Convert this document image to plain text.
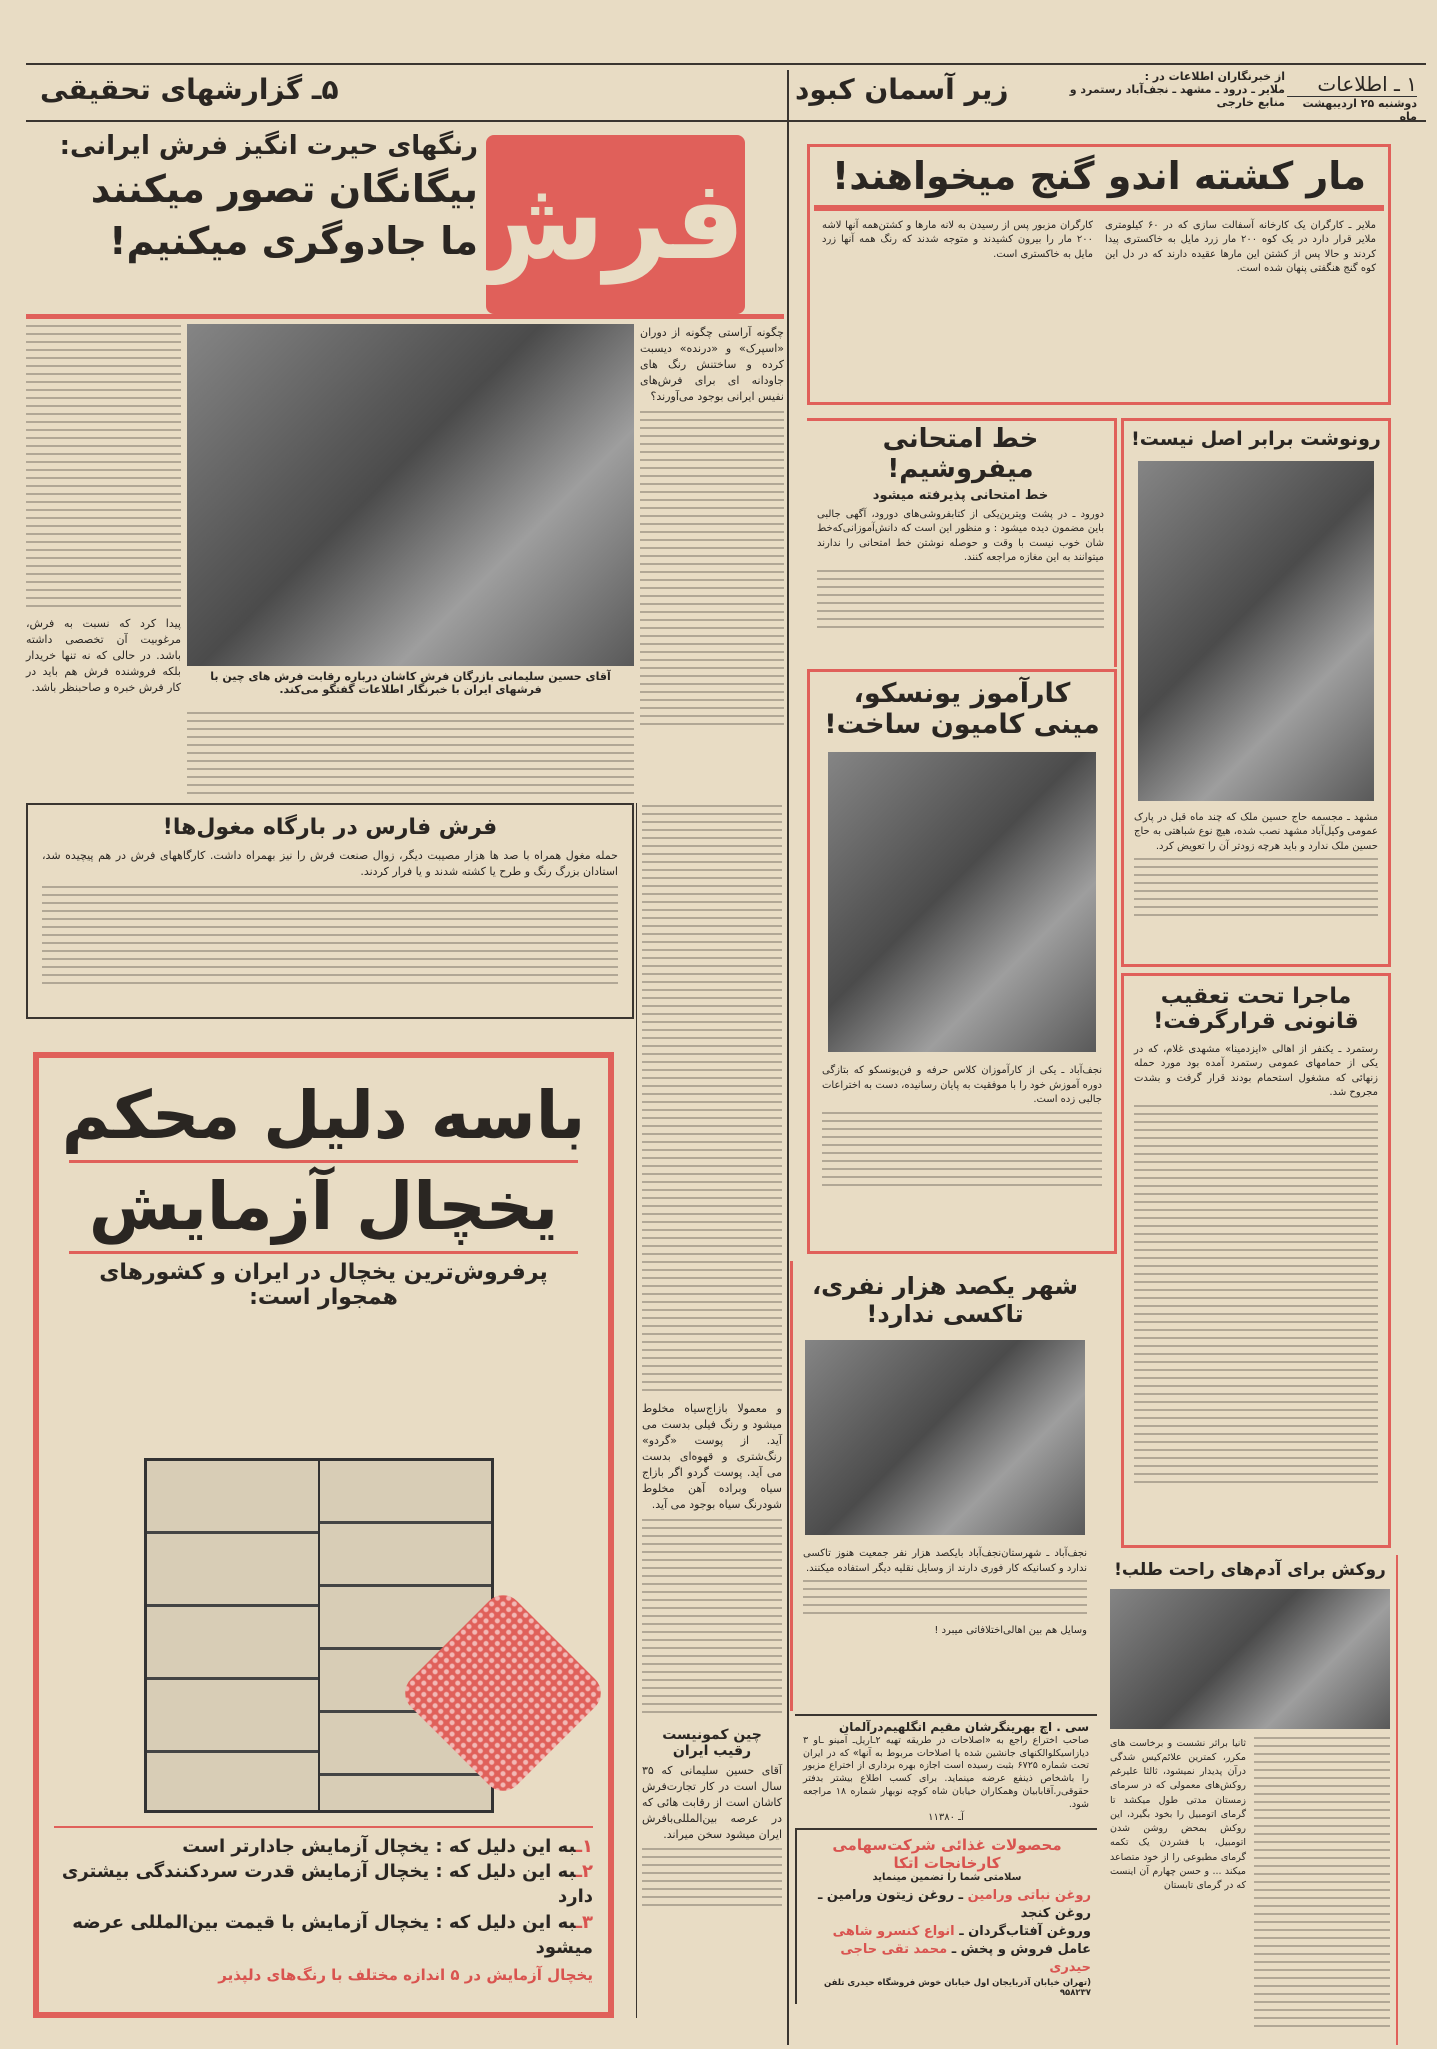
۱ ـ اطلاعات
دوشنبه ۲۵ اردیبهشت ماه
از خبرنگاران اطلاعات در :
ملایر ـ درود ـ مشهد ـ نجف‌آباد رستمرد و منابع خارجی
زیر آسمان کبود
۵ـ گزارشهای تحقیقی
فرش
رنگهای حیرت انگیز فرش ایرانی:
بیگانگان تصور میکنند
ما جادوگری میکنیم!
چگونه آراستی چگونه از دوران «اسپرک» و «درنده» دیسبت کرده و ساختنش رنگ های جاودانه ای برای فرش‌های نفیس ایرانی بوجود می‌آورند؟
آقای حسین سلیمانی بازرگان فرش کاشان درباره رقابت فرش های چین با فرشهای ایران با خبرنگار اطلاعات گفتگو می‌کند.
پیدا کرد که نسبت به فرش، مرغوبیت آن تخصصی داشته باشد. در حالی که نه تنها خریدار بلکه فروشنده فرش هم باید در کار فرش خبره و صاحبنظر باشد.
فرش فارس در بارگاه مغول‌ها!
حمله مغول همراه با صد ها هزار مصیبت دیگر، زوال صنعت فرش را نیز بهمراه داشت. کارگاههای فرش در هم پیچیده شد، استادان بزرگ رنگ و طرح یا کشته شدند و یا فرار کردند.
و معمولا بازاج‌سیاه مخلوط میشود و رنگ فیلی بدست می آید. از پوست «گردو» رنگ‌شتری و قهوه‌ای بدست می آید. پوست گردو اگر بازاج سیاه وبراده آهن مخلوط شود‌رنگ سیاه بوجود می آید.
چین کمونیست رقیب ایران
آقای حسین سلیمانی که ۳۵ سال است در کار تجارت‌فرش کاشان است از رقابت هائی که در عرصه بین‌المللی‌بافرش ایران میشود سخن میراند.
باسه دلیل محکم
یخچال آزمایش
پرفروش‌ترین یخچال در ایران و کشورهای همجوار است:
۱ـبه این دلیل که : یخچال آزمایش جادارتر است
۲ـبه این دلیل که : یخچال آزمایش قدرت سردکنندگی بیشتری دارد
۳ـبه این دلیل که : یخچال آزمایش با قیمت بین‌المللی عرضه میشود
یخچال آزمایش در ۵ اندازه مختلف با رنگ‌های دلپذیر
مار کشته اندو گنج میخواهند!
ملایر ـ کارگران یک کارخانه آسفالت سازی که در ۶۰ کیلومتری ملایر قرار دارد در یک کوه ۲۰۰ مار زرد مایل به خاکستری پیدا کردند و حالا پس از کشتن این مارها عقیده دارند که در دل این کوه گنج هنگفتی پنهان شده است.
کارگران مزبور پس از رسیدن به لانه مارها و کشتن‌همه آنها لاشه ۲۰۰ مار را بیرون کشیدند و متوجه شدند که رنگ همه آنها زرد مایل به خاکستری است.
خط امتحانی میفروشیم!
خط امتحانی پذیرفته میشود
دورود ـ در پشت ویترین‌یکی از کتابفروشی‌های دورود، آگهی جالبی باین مضمون دیده میشود : و منظور این است که دانش‌آموزانی‌که‌خط شان خوب نیست با وقت و حوصله نوشتن خط امتحانی را ندارند میتوانند به این مغازه مراجعه کنند.
کارآموز یونسکو،
مینی کامیون ساخت!
نجف‌آباد ـ یکی از کارآموزان کلاس حرفه و فن‌یونسکو که بتازگی دوره آموزش خود را با موفقیت به پایان رسانیده، دست به اختراعات جالبی زده است.
رونوشت برابر اصل نیست!
مشهد ـ مجسمه حاج حسین ملک که چند ماه قبل در پارک عمومی وکیل‌آباد مشهد نصب شده، هیچ نوع شباهتی به حاج حسین ملک ندارد و باید هرچه زودتر آن را تعویض کرد.
ماجرا تحت تعقیب
قانونی قرارگرفت!
رستمرد ـ یکنفر از اهالی «ایزدمینا» مشهدی غلام، که در یکی از حمامهای عمومی رستمرد آمده بود مورد حمله زنهائی که مشغول استحمام بودند قرار گرفت و بشدت مجروح شد.
شهر یکصد هزار نفری،
تاکسی ندارد!
نجف‌آباد ـ شهرستان‌نجف‌آباد بایکصد هزار نفر جمعیت هنوز تاکسی ندارد و کسانیکه کار فوری دارند از وسایل نقلیه دیگر استفاده میکنند.
وسایل هم بین اهالی‌اختلافاتی میبرد !
سی . اچ بهرینگرشان مقیم انگلهیم‌درآلمان
صاحب اختراع راجع به «اصلاحات در طریقه تهیه ۲ـاریل‌ـ آمینو ـاو ۳ دیازاسیکلوالکنهای جانشین شده یا اصلاحات مربوط به آنها» که در ایران تحت شماره ۶۷۲۵ بثبت رسیده است اجازه بهره برداری از اختراع مزبور را باشخاص ذینفع عرضه مینماید. برای کسب اطلاع بیشتر بدفتر حقوقی‌ر.آقابابیان وهمکاران خیابان شاه کوچه نوبهار شماره ۱۸ مراجعه شود.
آـ ۱۱۳۸۰
محصولات غذائی شرکت‌سهامی کارخانجات اتکا
سلامتی شما را تضمین مینماید
روغن نباتی ورامین ـ روغن زیتون ورامین ـ روغن کنجد
وروغن آفتاب‌گردان ـ انواع کنسرو شاهی
عامل فروش و پخش ـ محمد تقی حاجی حیدری
(تهران خیابان آذربایجان اول خیابان خوش فروشگاه حیدری تلفن ۹۵۸۲۳۷
روکش برای آدم‌های راحت طلب!
ثانیا براثر نشست و برخاست های مکرر، کمترین علائم‌کیس شدگی درآن پدیدار نمیشود، ثالثا علیرغم روکش‌های معمولی که در سرمای زمستان مدتی طول میکشد تا گرمای اتومبیل را بخود بگیرد، این روکش بمحض روشن شدن اتومبیل، با فشردن یک تکمه گرمای مطبوعی را از خود متصاعد میکند ... و حسن چهارم آن اینست که در گرمای تابستان
